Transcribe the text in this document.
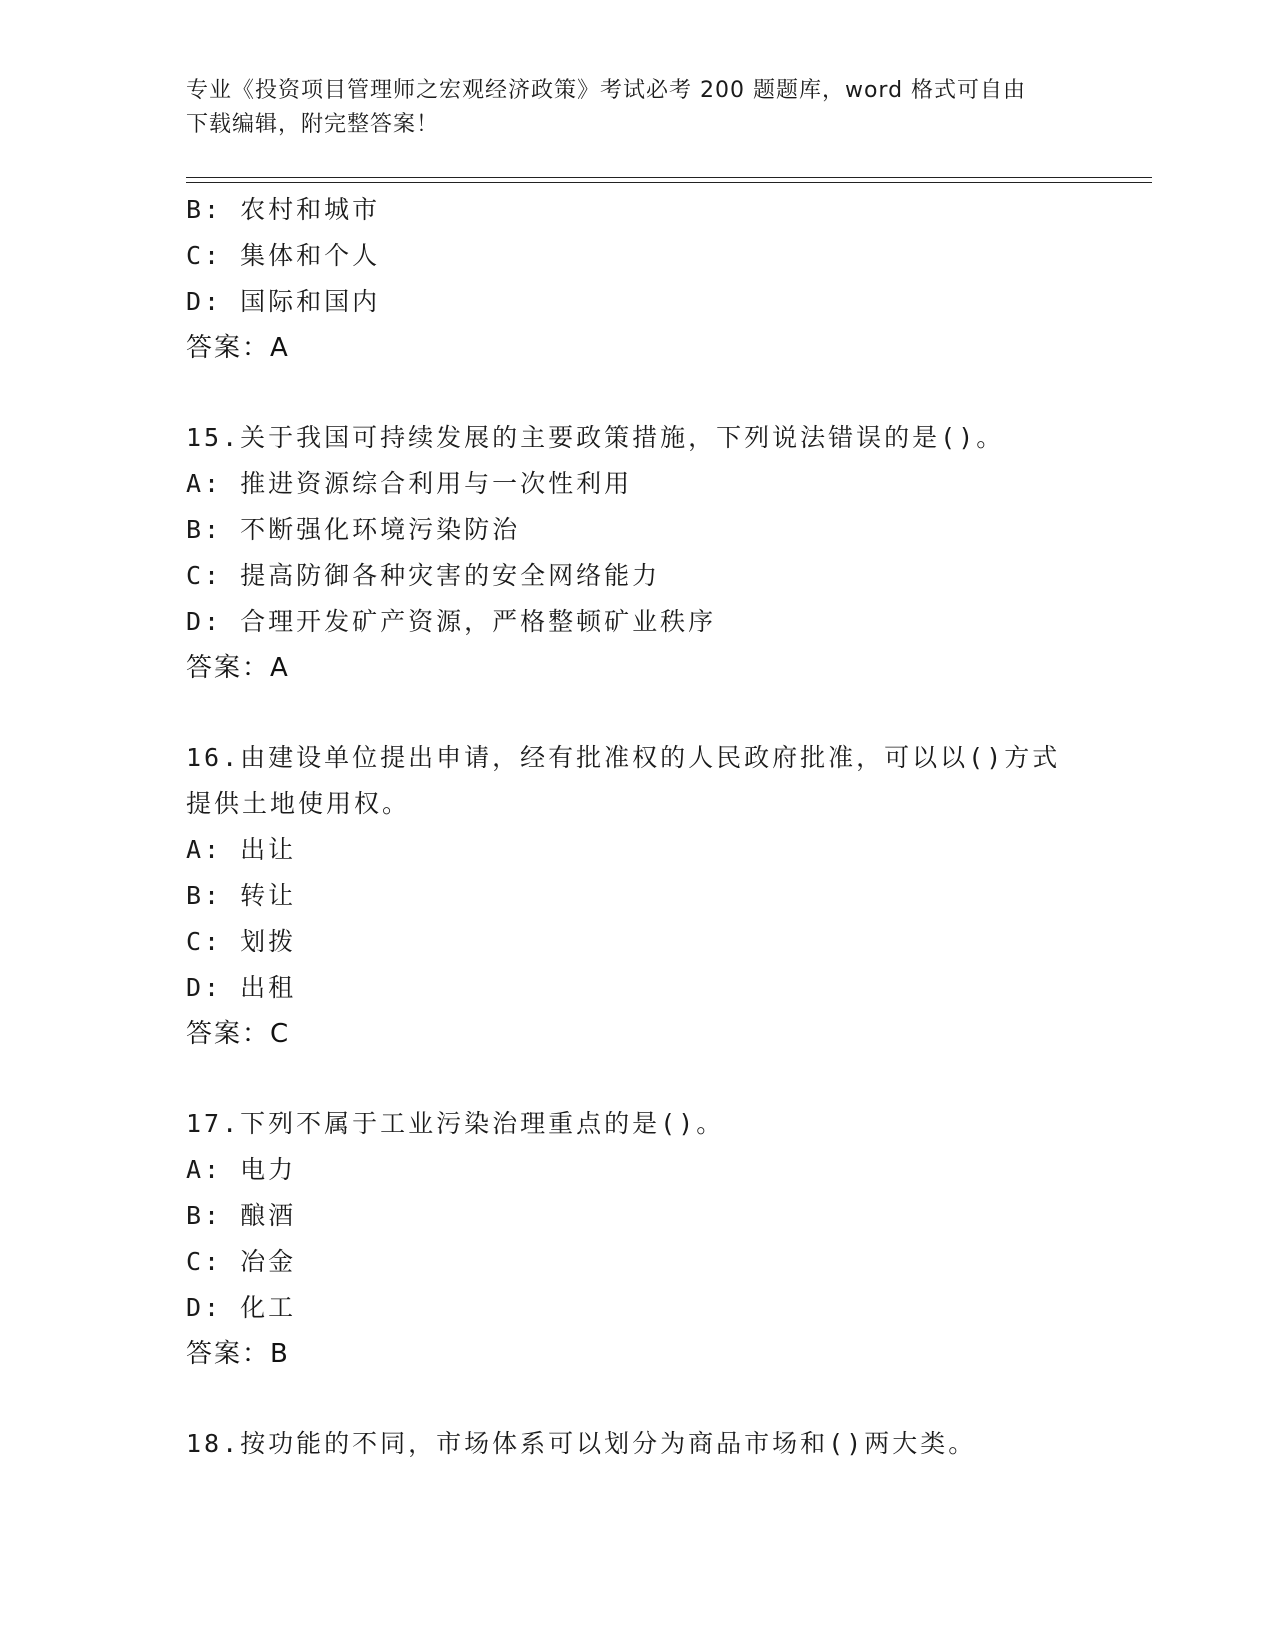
专业《投资项目管理师之宏观经济政策》考试必考 200 题题库，word 格式可自由
下载编辑，附完整答案！
B: 农村和城市
C: 集体和个人
D: 国际和国内
答案：A
15.关于我国可持续发展的主要政策措施，下列说法错误的是()。
A: 推进资源综合利用与一次性利用
B: 不断强化环境污染防治
C: 提高防御各种灾害的安全网络能力
D: 合理开发矿产资源，严格整顿矿业秩序
答案：A
16.由建设单位提出申请，经有批准权的人民政府批准，可以以()方式
提供土地使用权。
A: 出让
B: 转让
C: 划拨
D: 出租
答案：C
17.下列不属于工业污染治理重点的是()。
A: 电力
B: 酿酒
C: 冶金
D: 化工
答案：B
18.按功能的不同，市场体系可以划分为商品市场和()两大类。
